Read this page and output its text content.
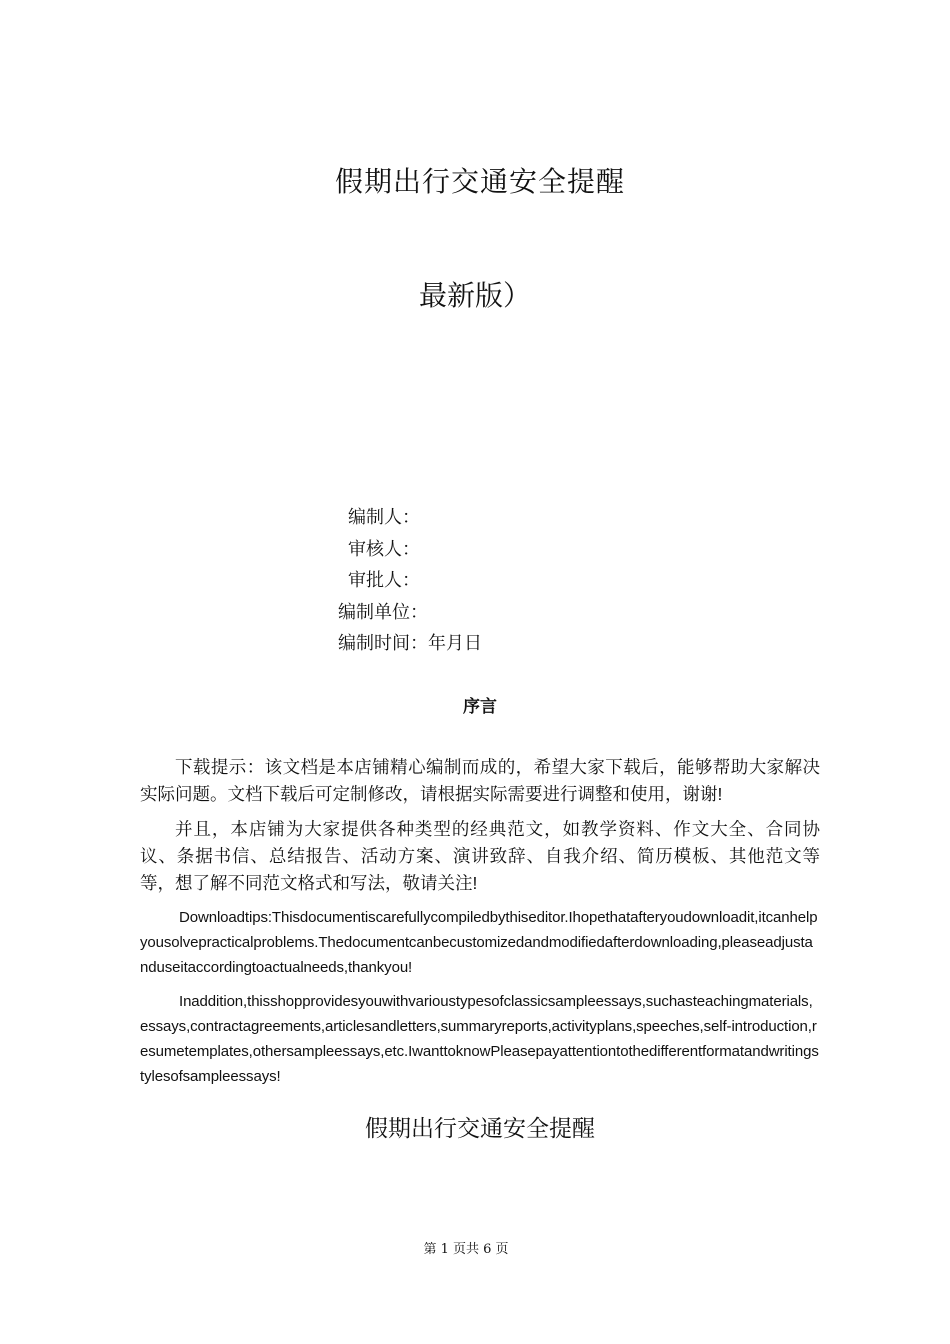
假期出行交通安全提醒
最新版）
编制人：
审核人：
审批人：
编制单位：
编制时间：年月日
序言

下载提示：该文档是本店铺精心编制而成的，希望大家下载后，能够帮助大家解决实际问题。文档下载后可定制修改，请根据实际需要进行调整和使用，谢谢!

并且，本店铺为大家提供各种类型的经典范文，如教学资料、作文大全、合同协议、条据书信、总结报告、活动方案、演讲致辞、自我介绍、简历模板、其他范文等等，想了解不同范文格式和写法，敬请关注!

Downloadtips:Thisdocumentiscarefullycompiledbythiseditor.Ihopethatafteryoudownloadit,itcanhelpyousolvepracticalproblems.Thedocumentcanbecustomizedandmodifiedafterdownloading,pleaseadjustanduseitaccordingtoactualneeds,thankyou!

Inaddition,thisshopprovidesyouwithvarioustypesofclassicsampleessays,suchasteachingmaterials,essays,contractagreements,articlesandletters,summaryreports,activityplans,speeches,self-introduction,resumetemplates,othersampleessays,etc.IwanttoknowPleasepayattentiontothedifferentformatandwritingstylesofsampleessays!

假期出行交通安全提醒
第 1 页共 6 页
